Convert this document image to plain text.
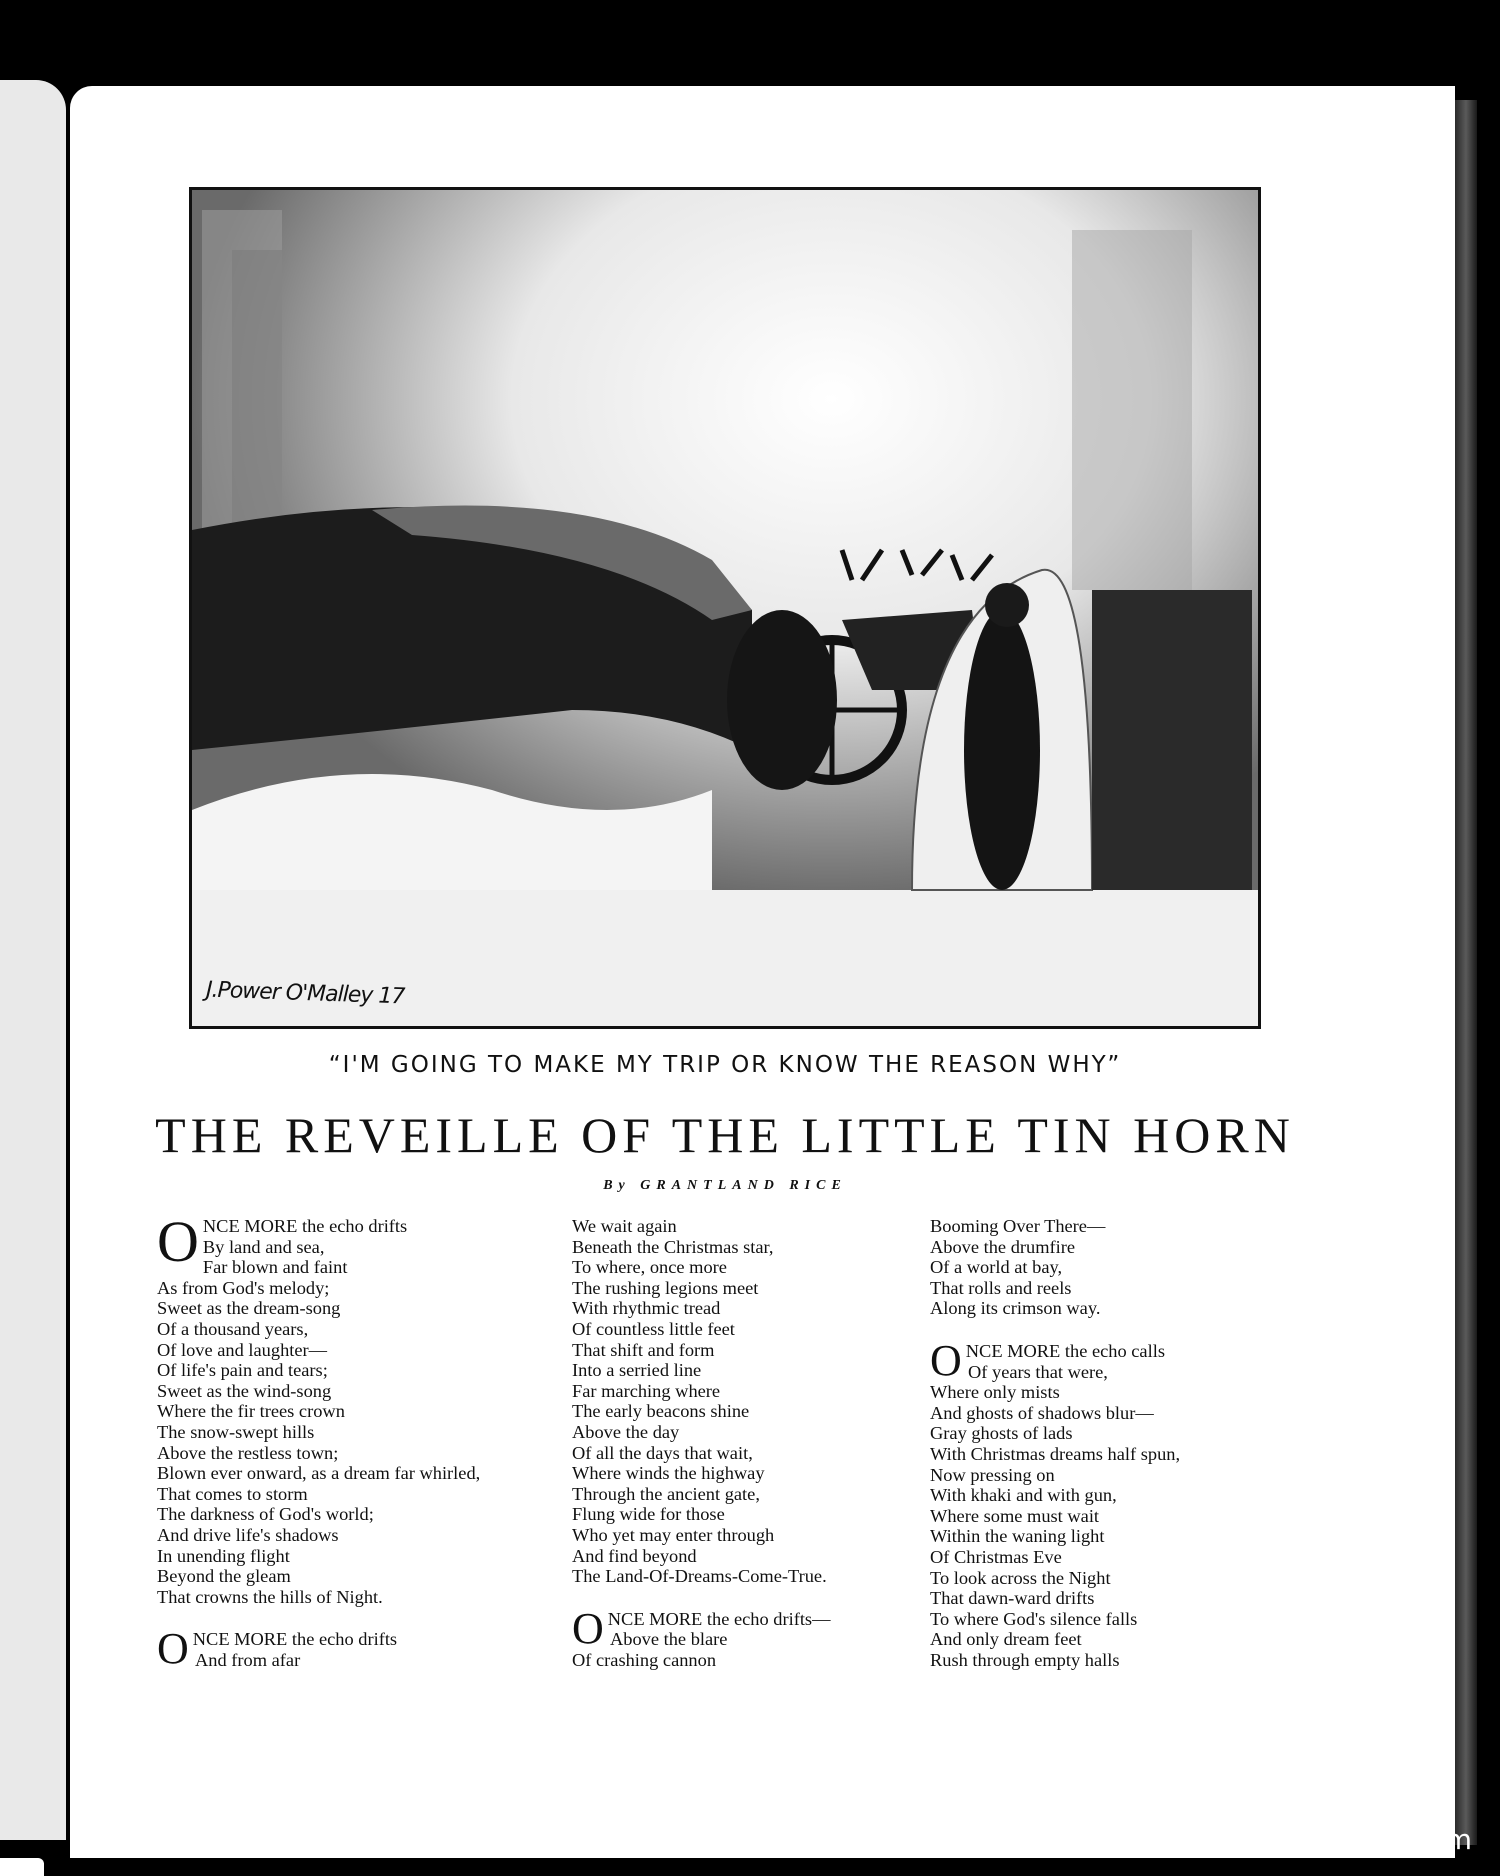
J.Power O'Malley 17
“I'M GOING TO MAKE MY TRIP OR KNOW THE REASON WHY”
THE REVEILLE OF THE LITTLE TIN HORN
By GRANTLAND RICE
O NCE MORE the echo drifts
By land and sea,
Far blown and faint
As from God's melody;
Sweet as the dream-song
Of a thousand years,
Of love and laughter—
Of life's pain and tears;
Sweet as the wind-song
Where the fir trees crown
The snow-swept hills
Above the restless town;
Blown ever onward, as a dream far whirled,
That comes to storm
The darkness of God's world;
And drive life's shadows
In unending flight
Beyond the gleam
That crowns the hills of Night.
O NCE MORE the echo drifts
And from afar
We wait again
Beneath the Christmas star,
To where, once more
The rushing legions meet
With rhythmic tread
Of countless little feet
That shift and form
Into a serried line
Far marching where
The early beacons shine
Above the day
Of all the days that wait,
Where winds the highway
Through the ancient gate,
Flung wide for those
Who yet may enter through
And find beyond
The Land-Of-Dreams-Come-True.
O NCE MORE the echo drifts—
Above the blare
Of crashing cannon
Booming Over There—
Above the drumfire
Of a world at bay,
That rolls and reels
Along its crimson way.
O NCE MORE the echo calls
Of years that were,
Where only mists
And ghosts of shadows blur—
Gray ghosts of lads
With Christmas dreams half spun,
Now pressing on
With khaki and with gun,
Where some must wait
Within the waning light
Of Christmas Eve
To look across the Night
That dawn-ward drifts
To where God's silence falls
And only dream feet
Rush through empty halls
comicbooks.com
